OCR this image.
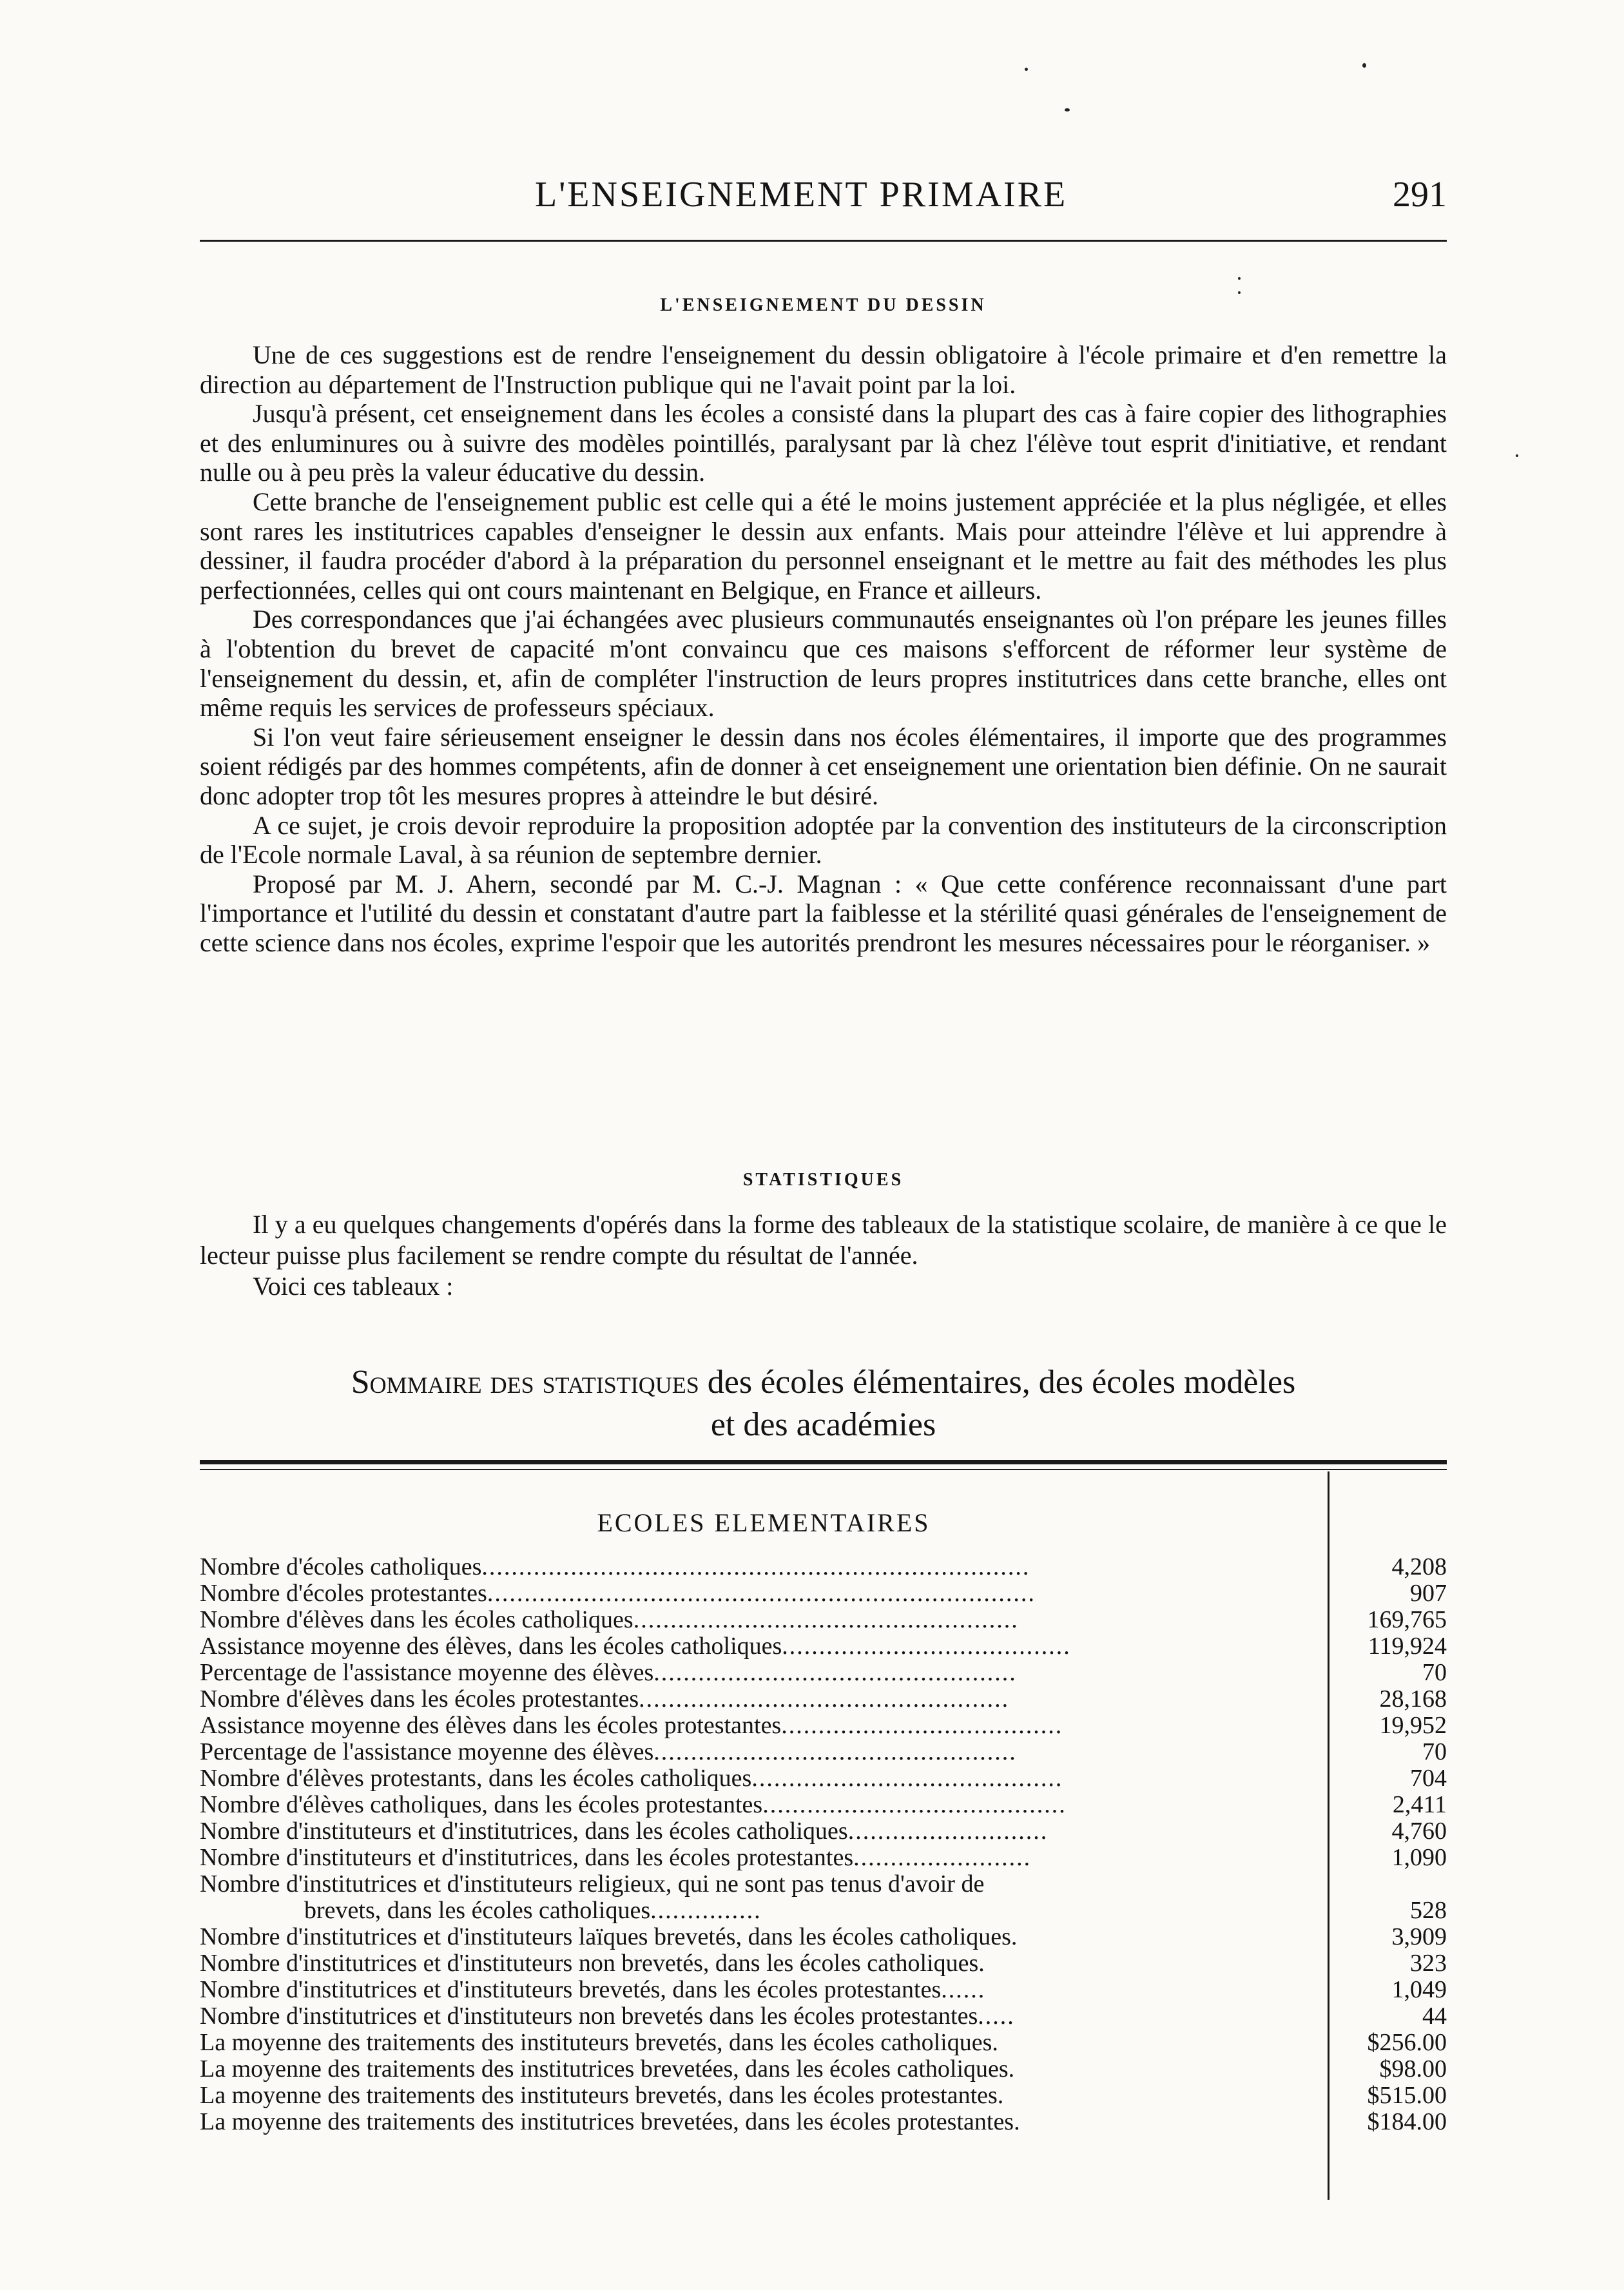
L'ENSEIGNEMENT PRIMAIRE	291
L'ENSEIGNEMENT DU DESSIN

Une de ces suggestions est de rendre l'enseignement du dessin obligatoire à l'école primaire et d'en remettre la direction au département de l'Instruction publique qui ne l'avait point par la loi.

Jusqu'à présent, cet enseignement dans les écoles a consisté dans la plupart des cas à faire copier des lithographies et des enluminures ou à suivre des modèles pointillés, paralysant par là chez l'élève tout esprit d'initiative, et rendant nulle ou à peu près la valeur éducative du dessin.

Cette branche de l'enseignement public est celle qui a été le moins justement appréciée et la plus négligée, et elles sont rares les institutrices capables d'enseigner le dessin aux enfants. Mais pour atteindre l'élève et lui apprendre à dessiner, il faudra procéder d'abord à la préparation du personnel enseignant et le mettre au fait des méthodes les plus perfectionnées, celles qui ont cours maintenant en Belgique, en France et ailleurs.

Des correspondances que j'ai échangées avec plusieurs communautés enseignantes où l'on prépare les jeunes filles à l'obtention du brevet de capacité m'ont convaincu que ces maisons s'efforcent de réformer leur système de l'enseignement du dessin, et, afin de compléter l'instruction de leurs propres institutrices dans cette branche, elles ont même requis les services de professeurs spéciaux.

Si l'on veut faire sérieusement enseigner le dessin dans nos écoles élémentaires, il importe que des programmes soient rédigés par des hommes compétents, afin de donner à cet enseignement une orientation bien définie. On ne saurait donc adopter trop tôt les mesures propres à atteindre le but désiré.

A ce sujet, je crois devoir reproduire la proposition adoptée par la convention des instituteurs de la circonscription de l'Ecole normale Laval, à sa réunion de septembre dernier.

Proposé par M. J. Ahern, secondé par M. C.-J. Magnan : « Que cette conférence reconnaissant d'une part l'importance et l'utilité du dessin et constatant d'autre part la faiblesse et la stérilité quasi générales de l'enseignement de cette science dans nos écoles, exprime l'espoir que les autorités prendront les mesures nécessaires pour le réorganiser. »

STATISTIQUES

Il y a eu quelques changements d'opérés dans la forme des tableaux de la statistique scolaire, de manière à ce que le lecteur puisse plus facilement se rendre compte du résultat de l'année.

Voici ces tableaux :

Sommaire des statistiques des écoles élémentaires, des écoles modèles
et des académies
ECOLES ELEMENTAIRES
Nombre d'écoles catholiques..........................................................................	4,208
Nombre d'écoles protestantes..........................................................................	907
Nombre d'élèves dans les écoles catholiques....................................................	169,765
Assistance moyenne des élèves, dans les écoles catholiques.......................................	119,924
Percentage de l'assistance moyenne des élèves.................................................	70
Nombre d'élèves dans les écoles protestantes..................................................	28,168
Assistance moyenne des élèves dans les écoles protestantes......................................	19,952
Percentage de l'assistance moyenne des élèves.................................................	70
Nombre d'élèves protestants, dans les écoles catholiques..........................................	704
Nombre d'élèves catholiques, dans les écoles protestantes.........................................	2,411
Nombre d'instituteurs et d'institutrices, dans les écoles catholiques...........................	4,760
Nombre d'instituteurs et d'institutrices, dans les écoles protestantes........................	1,090
Nombre d'institutrices et d'instituteurs religieux, qui ne sont pas tenus d'avoir de
brevets, dans les écoles catholiques...............	528
Nombre d'institutrices et d'instituteurs laïques brevetés, dans les écoles catholiques.	3,909
Nombre d'institutrices et d'instituteurs non brevetés, dans les écoles catholiques.	323
Nombre d'institutrices et d'instituteurs brevetés, dans les écoles protestantes......	1,049
Nombre d'institutrices et d'instituteurs non brevetés dans les écoles protestantes.....	44
La moyenne des traitements des instituteurs brevetés, dans les écoles catholiques.	$256.00
La moyenne des traitements des institutrices brevetées, dans les écoles catholiques.	$98.00
La moyenne des traitements des instituteurs brevetés, dans les écoles protestantes.	$515.00
La moyenne des traitements des institutrices brevetées, dans les écoles protestantes.	$184.00
